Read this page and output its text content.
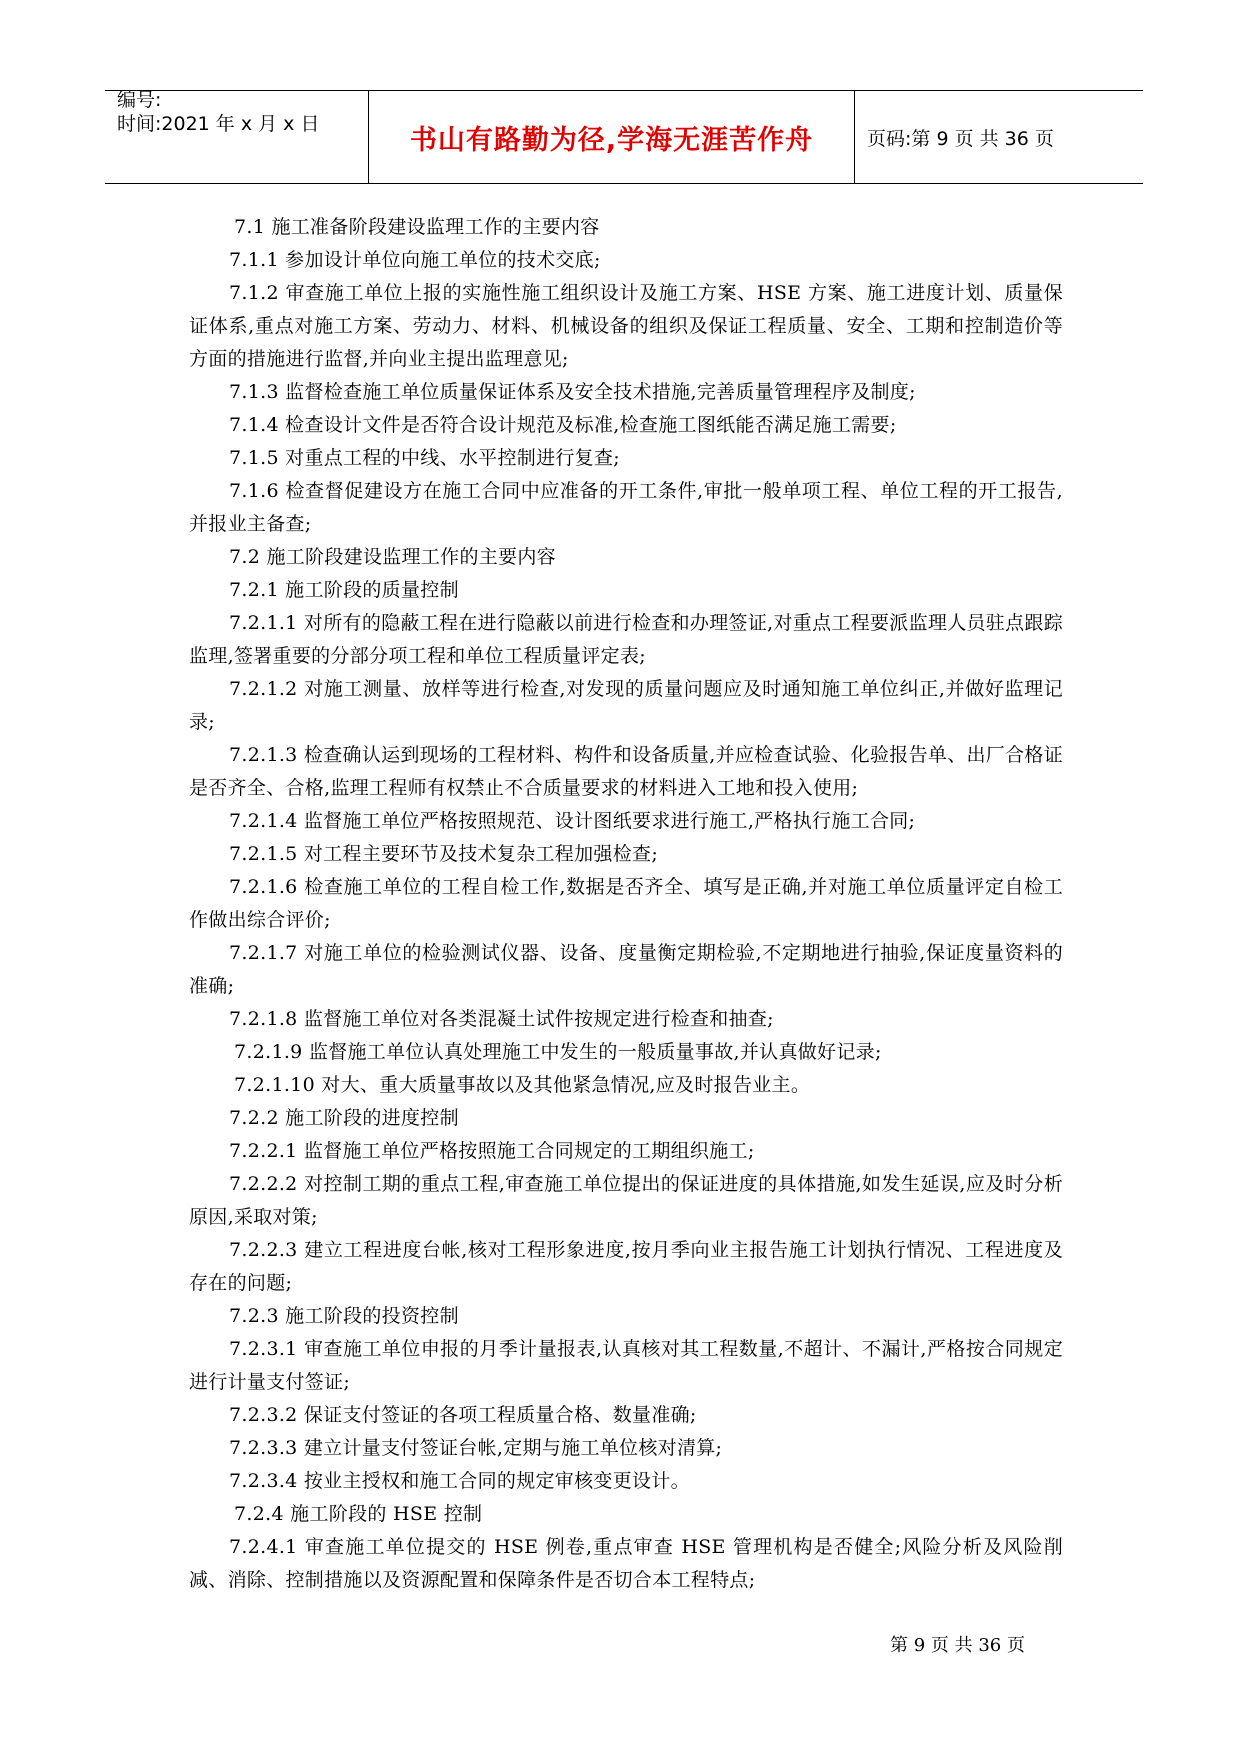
编号:
时间:2021 年 x 月 x 日
书山有路勤为径,学海无涯苦作舟	页码:第 9 页 共 36 页

7.1 施工准备阶段建设监理工作的主要内容

7.1.1 参加设计单位向施工单位的技术交底;

7.1.2 审查施工单位上报的实施性施工组织设计及施工方案、HSE 方案、施工进度计划、质量保证体系,重点对施工方案、劳动力、材料、机械设备的组织及保证工程质量、安全、工期和控制造价等方面的措施进行监督,并向业主提出监理意见;

7.1.3 监督检查施工单位质量保证体系及安全技术措施,完善质量管理程序及制度;

7.1.4 检查设计文件是否符合设计规范及标准,检查施工图纸能否满足施工需要;

7.1.5 对重点工程的中线、水平控制进行复查;

7.1.6 检查督促建设方在施工合同中应准备的开工条件,审批一般单项工程、单位工程的开工报告,并报业主备查;

7.2 施工阶段建设监理工作的主要内容

7.2.1 施工阶段的质量控制

7.2.1.1 对所有的隐蔽工程在进行隐蔽以前进行检查和办理签证,对重点工程要派监理人员驻点跟踪监理,签署重要的分部分项工程和单位工程质量评定表;

7.2.1.2 对施工测量、放样等进行检查,对发现的质量问题应及时通知施工单位纠正,并做好监理记录;

7.2.1.3 检查确认运到现场的工程材料、构件和设备质量,并应检查试验、化验报告单、出厂合格证是否齐全、合格,监理工程师有权禁止不合质量要求的材料进入工地和投入使用;

7.2.1.4 监督施工单位严格按照规范、设计图纸要求进行施工,严格执行施工合同;

7.2.1.5 对工程主要环节及技术复杂工程加强检查;

7.2.1.6 检查施工单位的工程自检工作,数据是否齐全、填写是正确,并对施工单位质量评定自检工作做出综合评价;

7.2.1.7 对施工单位的检验测试仪器、设备、度量衡定期检验,不定期地进行抽验,保证度量资料的准确;

7.2.1.8 监督施工单位对各类混凝土试件按规定进行检查和抽查;

7.2.1.9 监督施工单位认真处理施工中发生的一般质量事故,并认真做好记录;

7.2.1.10 对大、重大质量事故以及其他紧急情况,应及时报告业主。

7.2.2 施工阶段的进度控制

7.2.2.1 监督施工单位严格按照施工合同规定的工期组织施工;

7.2.2.2 对控制工期的重点工程,审查施工单位提出的保证进度的具体措施,如发生延误,应及时分析原因,采取对策;

7.2.2.3 建立工程进度台帐,核对工程形象进度,按月季向业主报告施工计划执行情况、工程进度及存在的问题;

7.2.3 施工阶段的投资控制

7.2.3.1 审查施工单位申报的月季计量报表,认真核对其工程数量,不超计、不漏计,严格按合同规定进行计量支付签证;

7.2.3.2 保证支付签证的各项工程质量合格、数量准确;

7.2.3.3 建立计量支付签证台帐,定期与施工单位核对清算;

7.2.3.4 按业主授权和施工合同的规定审核变更设计。

7.2.4 施工阶段的 HSE 控制

7.2.4.1 审查施工单位提交的 HSE 例卷,重点审查 HSE 管理机构是否健全;风险分析及风险削减、消除、控制措施以及资源配置和保障条件是否切合本工程特点;

第 9 页 共 36 页
